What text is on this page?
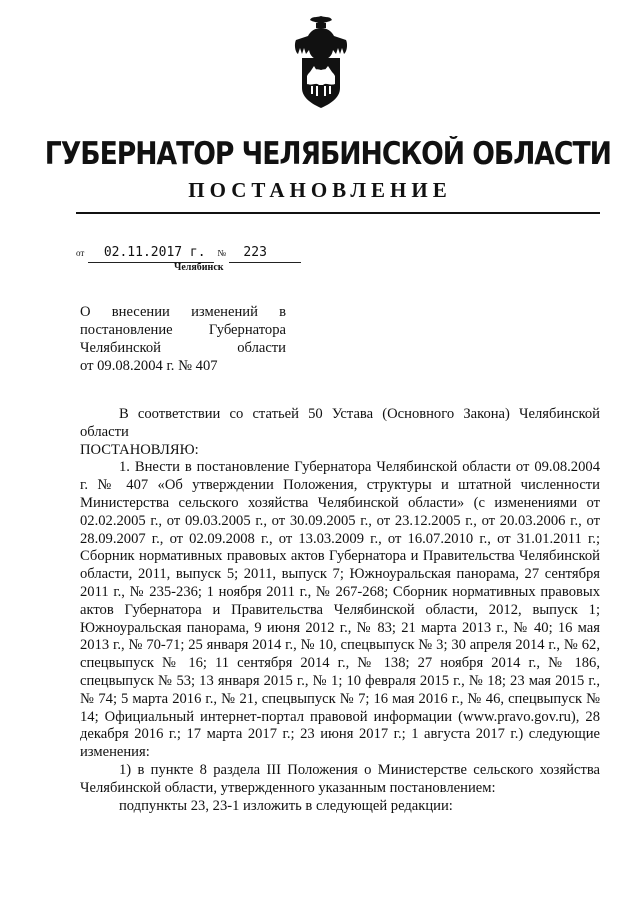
ГУБЕРНАТОР ЧЕЛЯБИНСКОЙ ОБЛАСТИ
ПОСТАНОВЛЕНИЕ
от 02.11.2017 г. № 223
Челябинск
О внесении изменений в
постановление Губернатора
Челябинской области
от 09.08.2004 г. № 407

В соответствии со статьей 50 Устава (Основного Закона) Челябинской области

ПОСТАНОВЛЯЮ:

1. Внести в постановление Губернатора Челябинской области от 09.08.2004 г. № 407 «Об утверждении Положения, структуры и штатной численности Министерства сельского хозяйства Челябинской области» (с изменениями от 02.02.2005 г., от 09.03.2005 г., от 30.09.2005 г., от 23.12.2005 г., от 20.03.2006 г., от 28.09.2007 г., от 02.09.2008 г., от 13.03.2009 г., от 16.07.2010 г., от 31.01.2011 г.; Сборник нормативных правовых актов Губернатора и Правительства Челябинской области, 2011, выпуск 5; 2011, выпуск 7; Южноуральская панорама, 27 сентября 2011 г., № 235-236; 1 ноября 2011 г., № 267-268; Сборник нормативных правовых актов Губернатора и Правительства Челябинской области, 2012, выпуск 1; Южноуральская панорама, 9 июня 2012 г., № 83; 21 марта 2013 г., № 40; 16 мая 2013 г., № 70-71; 25 января 2014 г., № 10, спецвыпуск № 3; 30 апреля 2014 г., № 62, спецвыпуск № 16; 11 сентября 2014 г., № 138; 27 ноября 2014 г., № 186, спецвыпуск № 53; 13 января 2015 г., № 1; 10 февраля 2015 г., № 18; 23 мая 2015 г., № 74; 5 марта 2016 г., № 21, спецвыпуск № 7; 16 мая 2016 г., № 46, спецвыпуск № 14; Официальный интернет-портал правовой информации (www.pravo.gov.ru), 28 декабря 2016 г.; 17 марта 2017 г.; 23 июня 2017 г.; 1 августа 2017 г.) следующие изменения:

1) в пункте 8 раздела III Положения о Министерстве сельского хозяйства Челябинской области, утвержденного указанным постановлением:

подпункты 23, 23-1 изложить в следующей редакции:
